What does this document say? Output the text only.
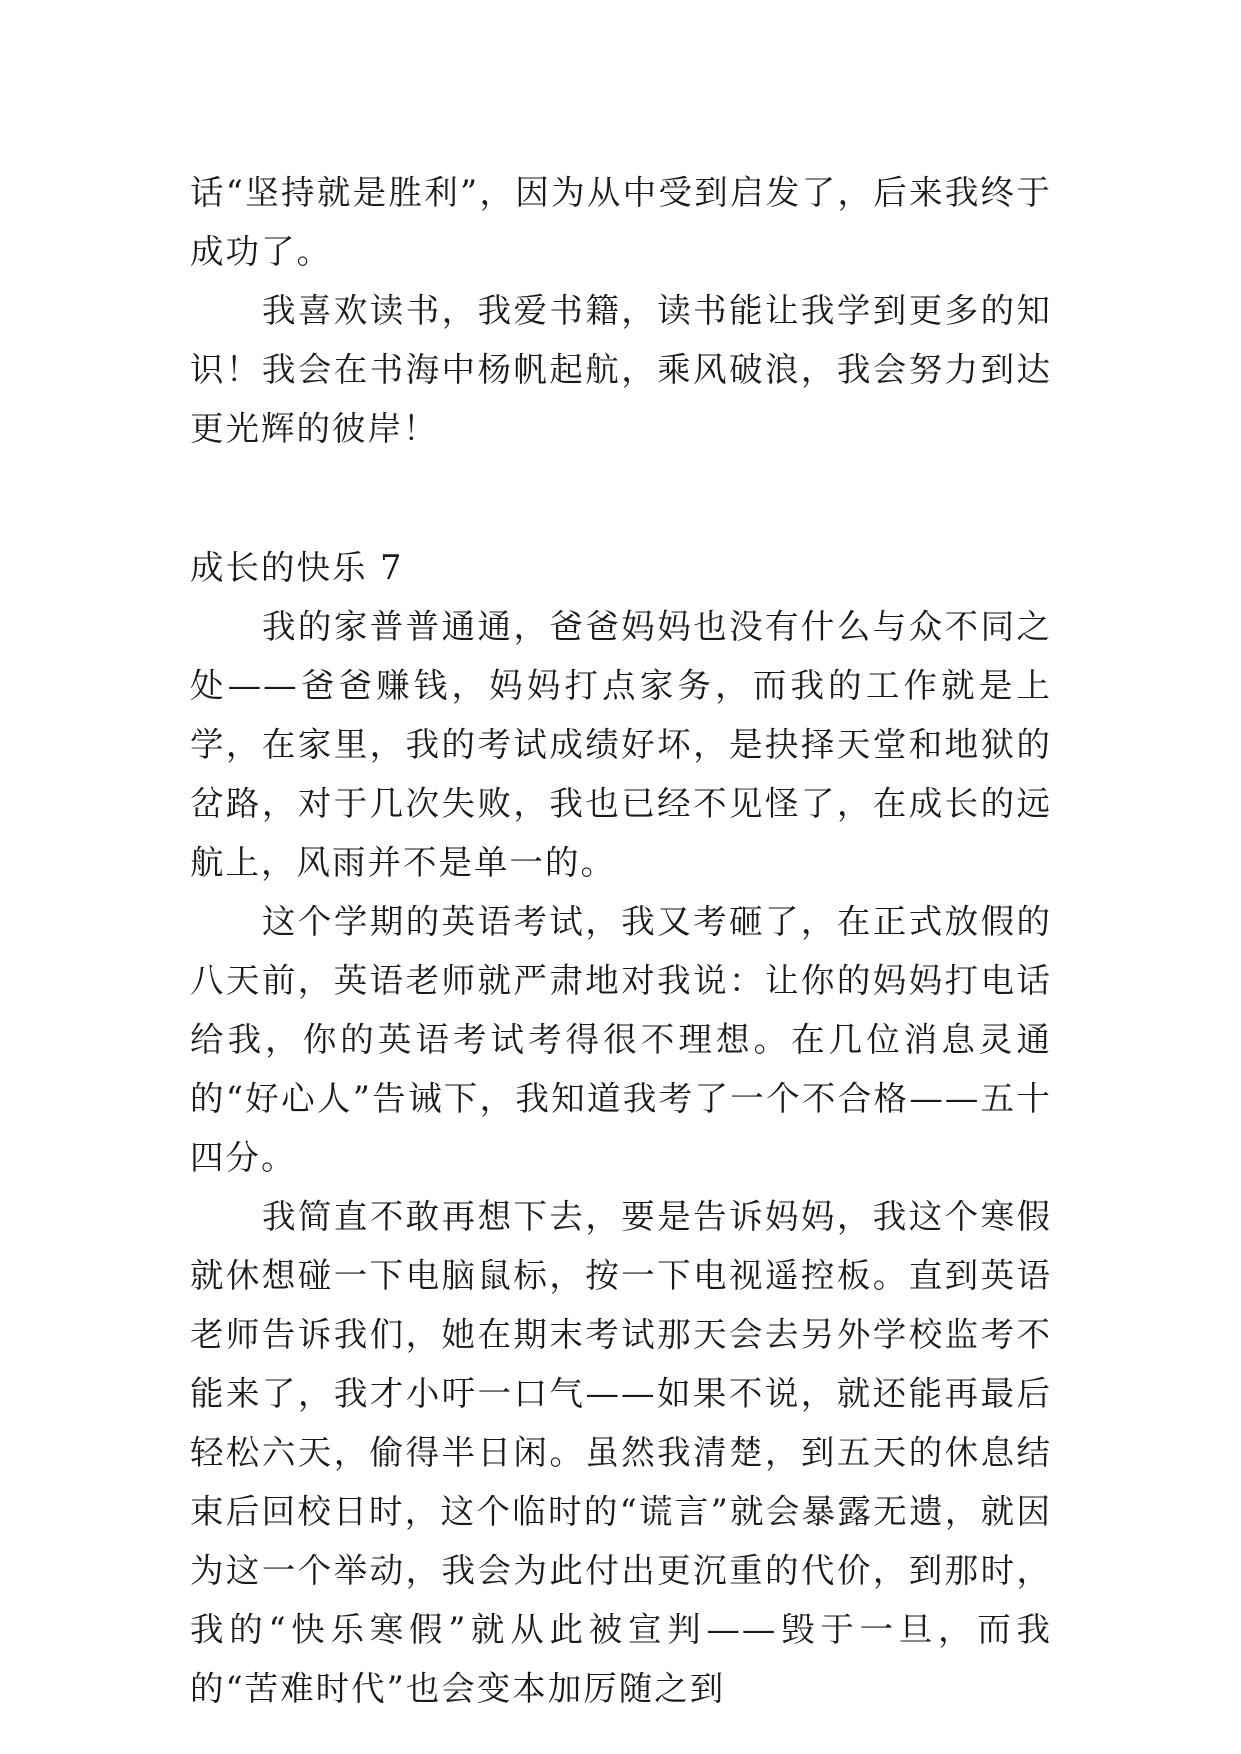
话“坚持就是胜利”，因为从中受到启发了，后来我终于成功了。

我喜欢读书，我爱书籍，读书能让我学到更多的知识！我会在书海中杨帆起航，乘风破浪，我会努力到达更光辉的彼岸！

成长的快乐 7

我的家普普通通，爸爸妈妈也没有什么与众不同之处——爸爸赚钱，妈妈打点家务，而我的工作就是上学，在家里，我的考试成绩好坏，是抉择天堂和地狱的岔路，对于几次失败，我也已经不见怪了，在成长的远航上，风雨并不是单一的。

这个学期的英语考试，我又考砸了，在正式放假的八天前，英语老师就严肃地对我说：让你的妈妈打电话给我，你的英语考试考得很不理想。在几位消息灵通的“好心人”告诫下，我知道我考了一个不合格——五十四分。

我简直不敢再想下去，要是告诉妈妈，我这个寒假就休想碰一下电脑鼠标，按一下电视遥控板。直到英语老师告诉我们，她在期末考试那天会去另外学校监考不能来了，我才小吁一口气——如果不说，就还能再最后轻松六天，偷得半日闲。虽然我清楚，到五天的休息结束后回校日时，这个临时的“谎言”就会暴露无遗，就因为这一个举动，我会为此付出更沉重的代价，到那时，我的“快乐寒假”就从此被宣判——毁于一旦，而我的“苦难时代”也会变本加厉随之到
